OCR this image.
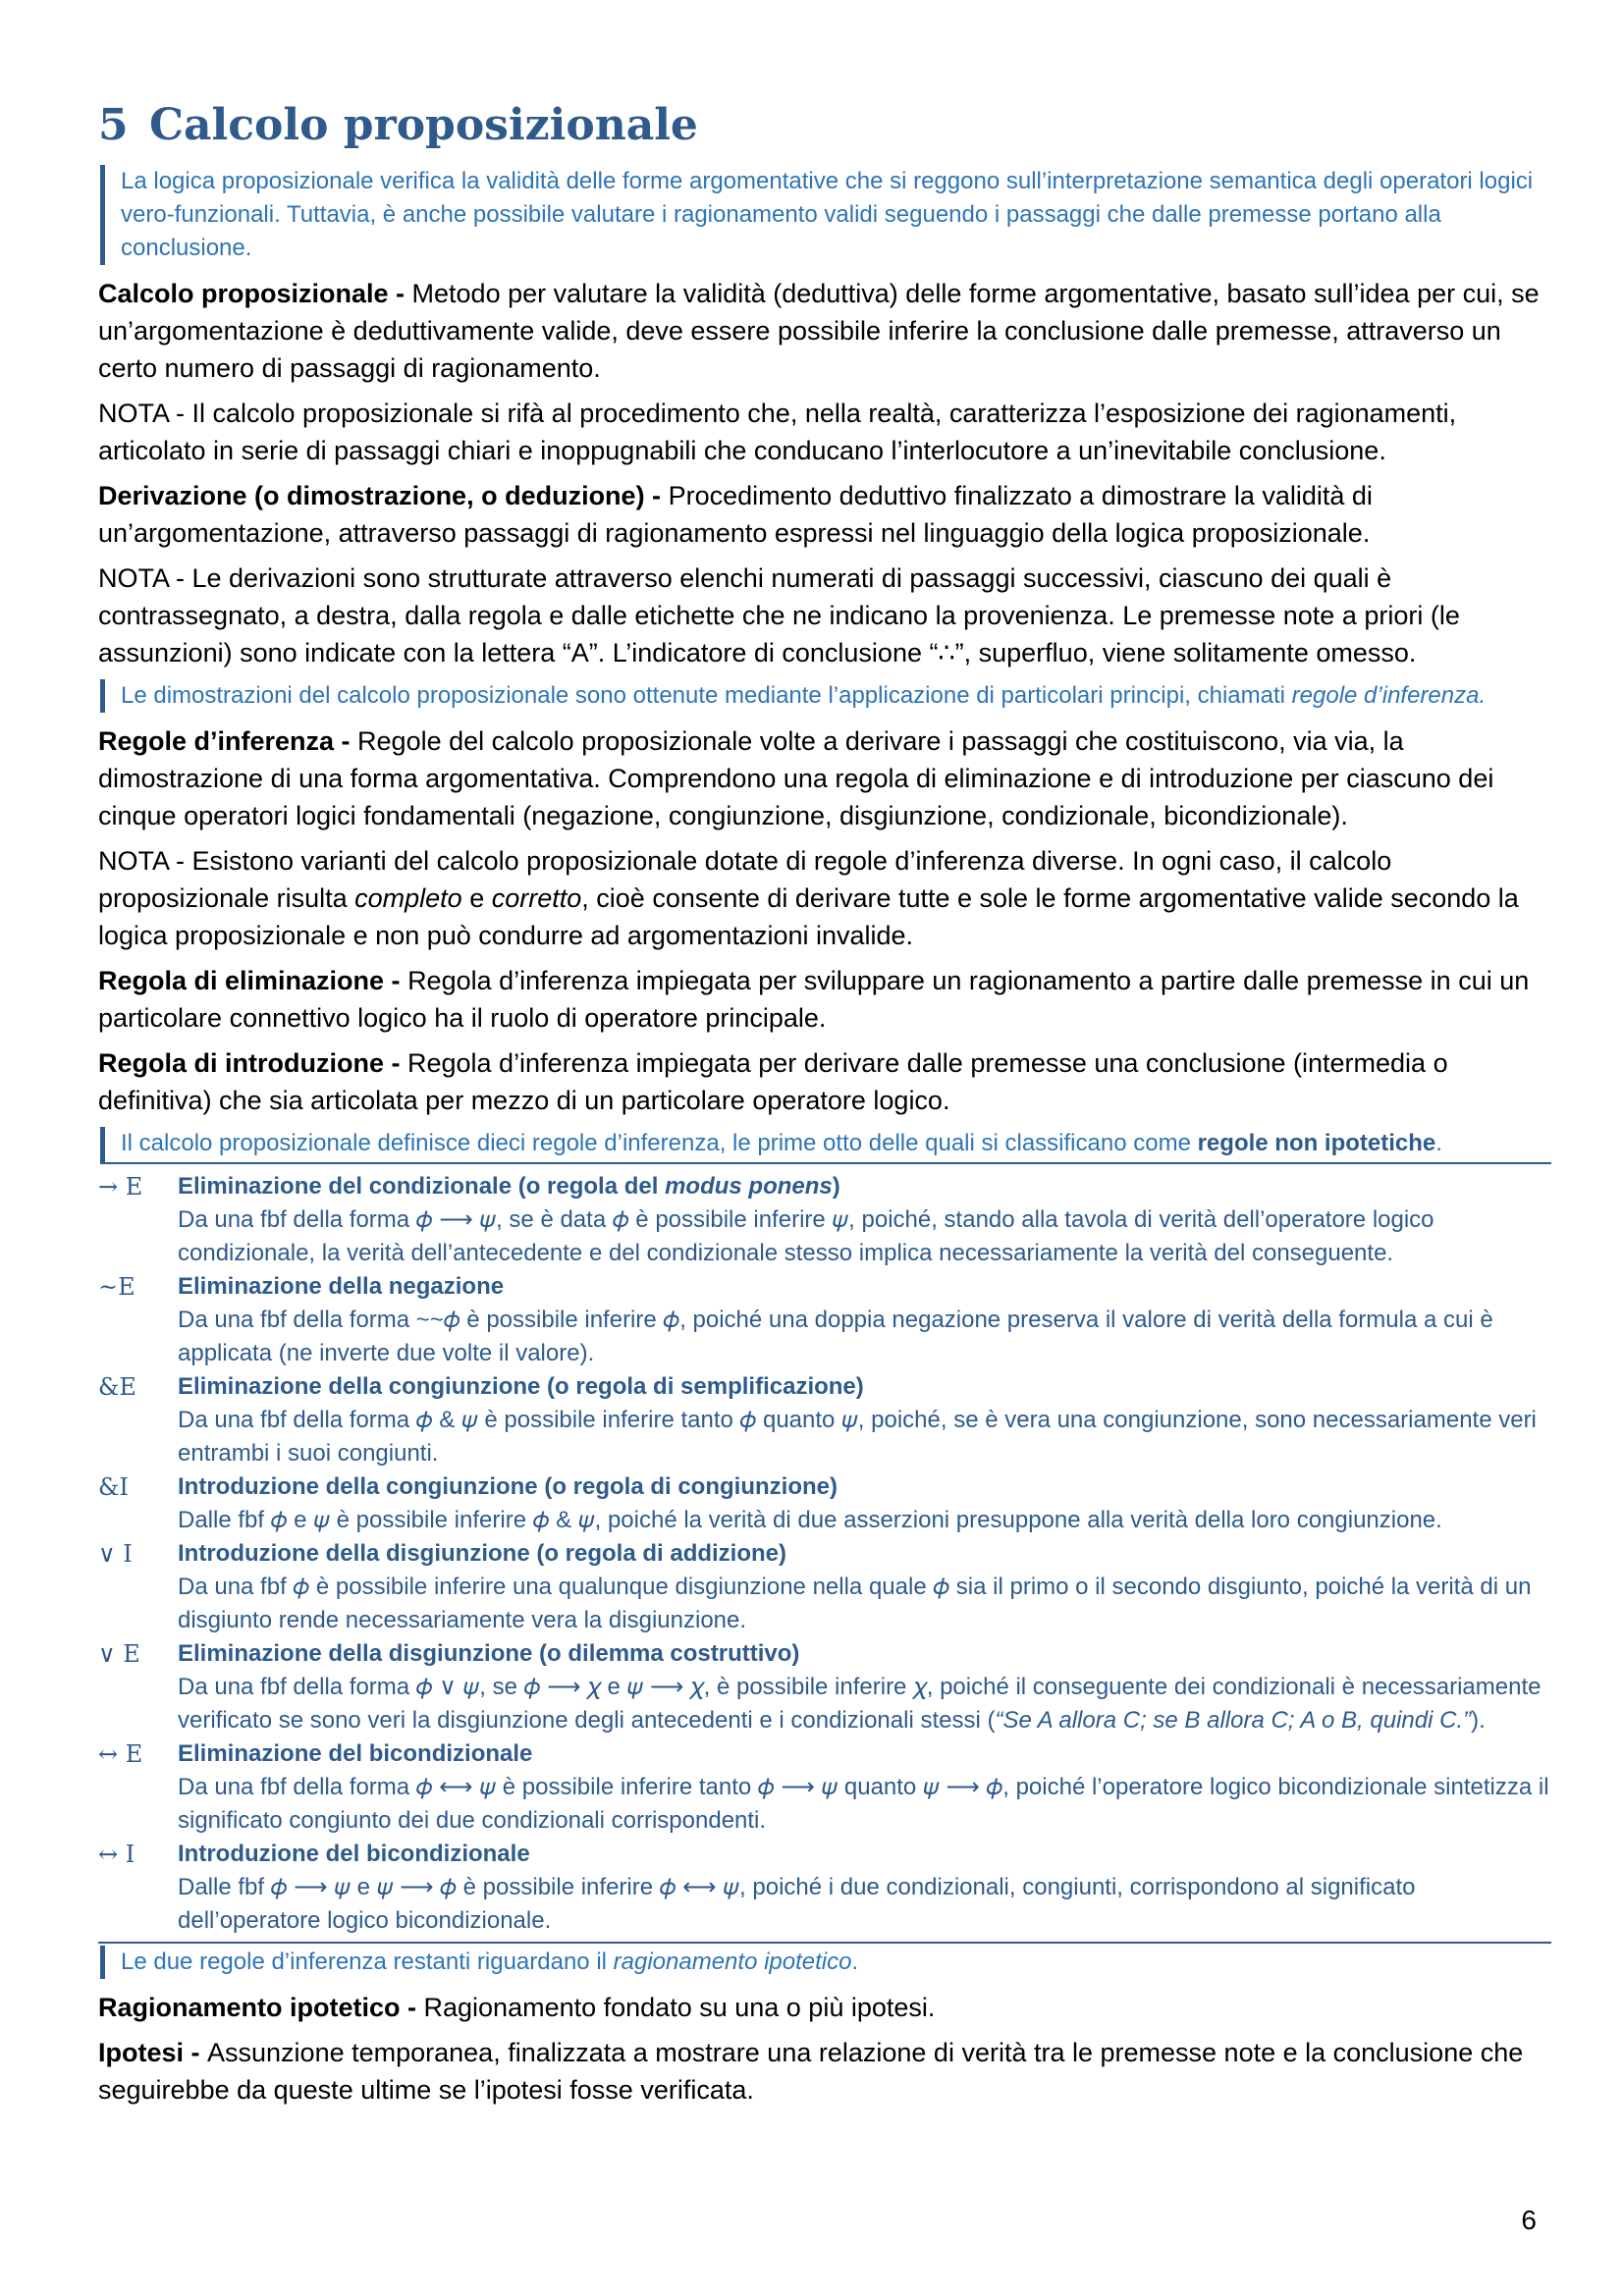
5 Calcolo proposizionale
La logica proposizionale verifica la validità delle forme argomentative che si reggono sull’interpretazione semantica degli operatori logici vero-funzionali. Tuttavia, è anche possibile valutare i ragionamento validi seguendo i passaggi che dalle premesse portano alla conclusione.

Calcolo proposizionale - Metodo per valutare la validità (deduttiva) delle forme argomentative, basato sull’idea per cui, se un’argomentazione è deduttivamente valide, deve essere possibile inferire la conclusione dalle premesse, attraverso un certo numero di passaggi di ragionamento.

NOTA - Il calcolo proposizionale si rifà al procedimento che, nella realtà, caratterizza l’esposizione dei ragionamenti, articolato in serie di passaggi chiari e inoppugnabili che conducano l’interlocutore a un’inevitabile conclusione.

Derivazione (o dimostrazione, o deduzione) - Procedimento deduttivo finalizzato a dimostrare la validità di un’argomentazione, attraverso passaggi di ragionamento espressi nel linguaggio della logica proposizionale.

NOTA - Le derivazioni sono strutturate attraverso elenchi numerati di passaggi successivi, ciascuno dei quali è contrassegnato, a destra, dalla regola e dalle etichette che ne indicano la provenienza. Le premesse note a priori (le assunzioni) sono indicate con la lettera “A”. L’indicatore di conclusione “∴”, superfluo, viene solitamente omesso.

Le dimostrazioni del calcolo proposizionale sono ottenute mediante l’applicazione di particolari principi, chiamati regole d’inferenza.

Regole d’inferenza - Regole del calcolo proposizionale volte a derivare i passaggi che costituiscono, via via, la dimostrazione di una forma argomentativa. Comprendono una regola di eliminazione e di introduzione per ciascuno dei cinque operatori logici fondamentali (negazione, congiunzione, disgiunzione, condizionale, bicondizionale).

NOTA - Esistono varianti del calcolo proposizionale dotate di regole d’inferenza diverse. In ogni caso, il calcolo proposizionale risulta completo e corretto, cioè consente di derivare tutte e sole le forme argomentative valide secondo la logica proposizionale e non può condurre ad argomentazioni invalide.

Regola di eliminazione - Regola d’inferenza impiegata per sviluppare un ragionamento a partire dalle premesse in cui un particolare connettivo logico ha il ruolo di operatore principale.

Regola di introduzione - Regola d’inferenza impiegata per derivare dalle premesse una conclusione (intermedia o definitiva) che sia articolata per mezzo di un particolare operatore logico.

Il calcolo proposizionale definisce dieci regole d’inferenza, le prime otto delle quali si classificano come regole non ipotetiche.
→ E	Eliminazione del condizionale (o regola del modus ponens)
Da una fbf della forma 𝜙 ⟶ 𝜓, se è data 𝜙 è possibile inferire 𝜓, poiché, stando alla tavola di verità dell’operatore logico condizionale, la verità dell’antecedente e del condizionale stesso implica necessariamente la verità del conseguente.
~E	Eliminazione della negazione
Da una fbf della forma ~~𝜙 è possibile inferire 𝜙, poiché una doppia negazione preserva il valore di verità della formula a cui è applicata (ne inverte due volte il valore).
&E	Eliminazione della congiunzione (o regola di semplificazione)
Da una fbf della forma 𝜙 & 𝜓 è possibile inferire tanto 𝜙 quanto 𝜓, poiché, se è vera una congiunzione, sono necessariamente veri entrambi i suoi congiunti.
&I	Introduzione della congiunzione (o regola di congiunzione)
Dalle fbf 𝜙 e 𝜓 è possibile inferire 𝜙 & 𝜓, poiché la verità di due asserzioni presuppone alla verità della loro congiunzione.
∨ I	Introduzione della disgiunzione (o regola di addizione)
Da una fbf 𝜙 è possibile inferire una qualunque disgiunzione nella quale 𝜙 sia il primo o il secondo disgiunto, poiché la verità di un disgiunto rende necessariamente vera la disgiunzione.
∨ E	Eliminazione della disgiunzione (o dilemma costruttivo)
Da una fbf della forma 𝜙 ∨ 𝜓, se 𝜙 ⟶ 𝜒 e 𝜓 ⟶ 𝜒, è possibile inferire 𝜒, poiché il conseguente dei condizionali è necessariamente verificato se sono veri la disgiunzione degli antecedenti e i condizionali stessi (“Se A allora C; se B allora C; A o B, quindi C.”).
↔ E	Eliminazione del bicondizionale
Da una fbf della forma 𝜙 ⟷ 𝜓 è possibile inferire tanto 𝜙 ⟶ 𝜓 quanto 𝜓 ⟶ 𝜙, poiché l’operatore logico bicondizionale sintetizza il significato congiunto dei due condizionali corrispondenti.
↔ I	Introduzione del bicondizionale
Dalle fbf 𝜙 ⟶ 𝜓 e 𝜓 ⟶ 𝜙 è possibile inferire 𝜙 ⟷ 𝜓, poiché i due condizionali, congiunti, corrispondono al significato dell’operatore logico bicondizionale.
Le due regole d’inferenza restanti riguardano il ragionamento ipotetico.

Ragionamento ipotetico - Ragionamento fondato su una o più ipotesi.

Ipotesi - Assunzione temporanea, finalizzata a mostrare una relazione di verità tra le premesse note e la conclusione che seguirebbe da queste ultime se l’ipotesi fosse verificata.

6
